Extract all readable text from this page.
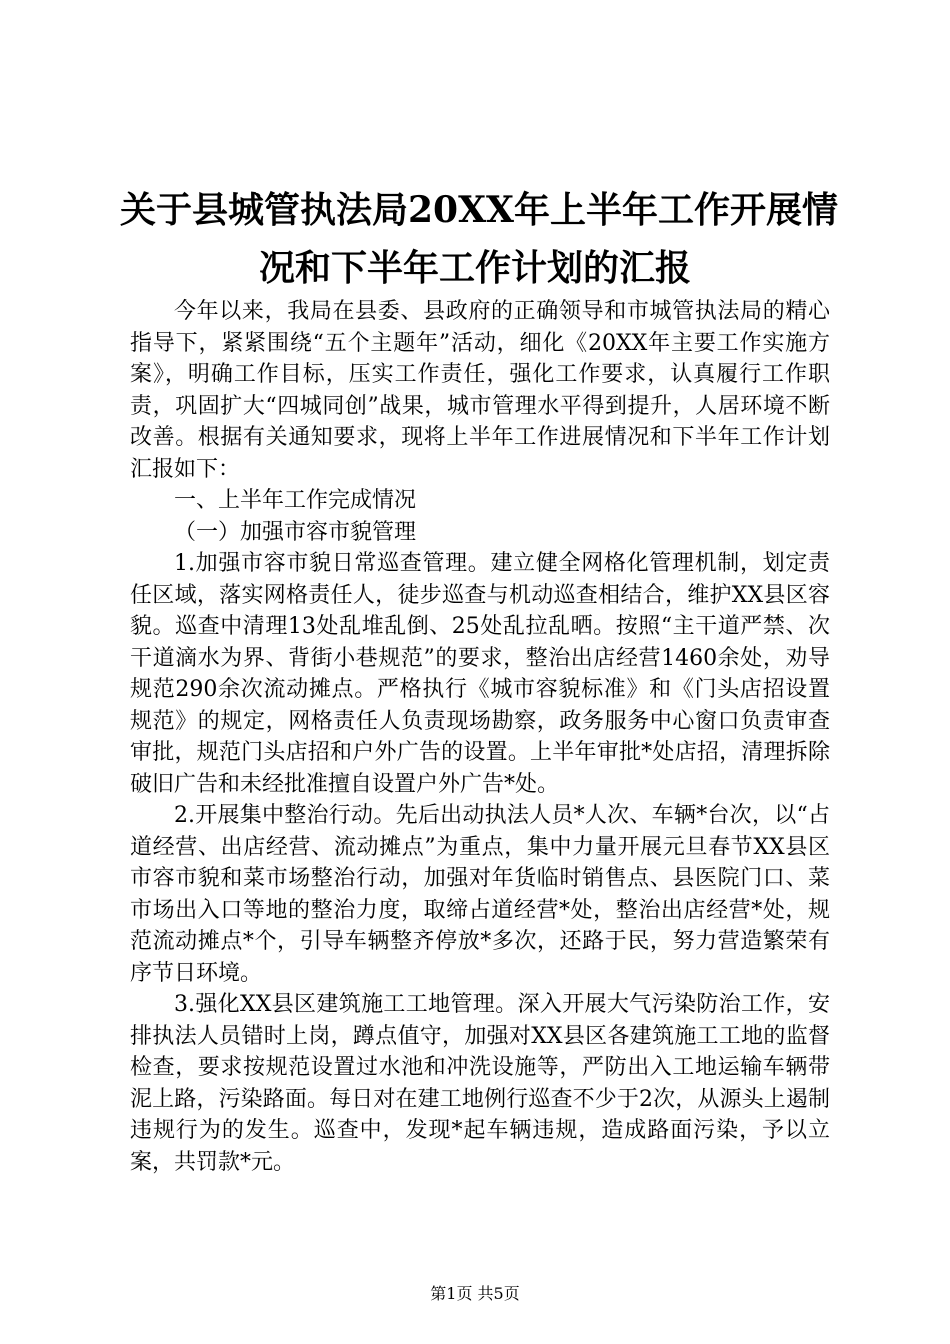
关于县城管执法局20XX年上半年工作开展情
况和下半年工作计划的汇报

今年以来，我局在县委、县政府的正确领导和市城管执法局的精心指导下，紧紧围绕“五个主题年”活动，细化《20XX年主要工作实施方案》，明确工作目标，压实工作责任，强化工作要求，认真履行工作职责，巩固扩大“四城同创”战果，城市管理水平得到提升，人居环境不断改善。根据有关通知要求，现将上半年工作进展情况和下半年工作计划汇报如下：

一、上半年工作完成情况

（一）加强市容市貌管理

1.加强市容市貌日常巡查管理。建立健全网格化管理机制，划定责任区域，落实网格责任人，徒步巡查与机动巡查相结合，维护XX县区容貌。巡查中清理13处乱堆乱倒、25处乱拉乱晒。按照“主干道严禁、次干道滴水为界、背街小巷规范”的要求，整治出店经营1460余处，劝导规范290余次流动摊点。严格执行《城市容貌标准》和《门头店招设置规范》的规定，网格责任人负责现场勘察，政务服务中心窗口负责审查审批，规范门头店招和户外广告的设置。上半年审批*处店招，清理拆除破旧广告和未经批准擅自设置户外广告*处。

2.开展集中整治行动。先后出动执法人员*人次、车辆*台次，以“占道经营、出店经营、流动摊点”为重点，集中力量开展元旦春节XX县区市容市貌和菜市场整治行动，加强对年货临时销售点、县医院门口、菜市场出入口等地的整治力度，取缔占道经营*处，整治出店经营*处，规范流动摊点*个，引导车辆整齐停放*多次，还路于民，努力营造繁荣有序节日环境。

3.强化XX县区建筑施工工地管理。深入开展大气污染防治工作，安排执法人员错时上岗，蹲点值守，加强对XX县区各建筑施工工地的监督检查，要求按规范设置过水池和冲洗设施等，严防出入工地运输车辆带泥上路，污染路面。每日对在建工地例行巡查不少于2次，从源头上遏制违规行为的发生。巡查中，发现*起车辆违规，造成路面污染，予以立案，共罚款*元。

第1页 共5页
